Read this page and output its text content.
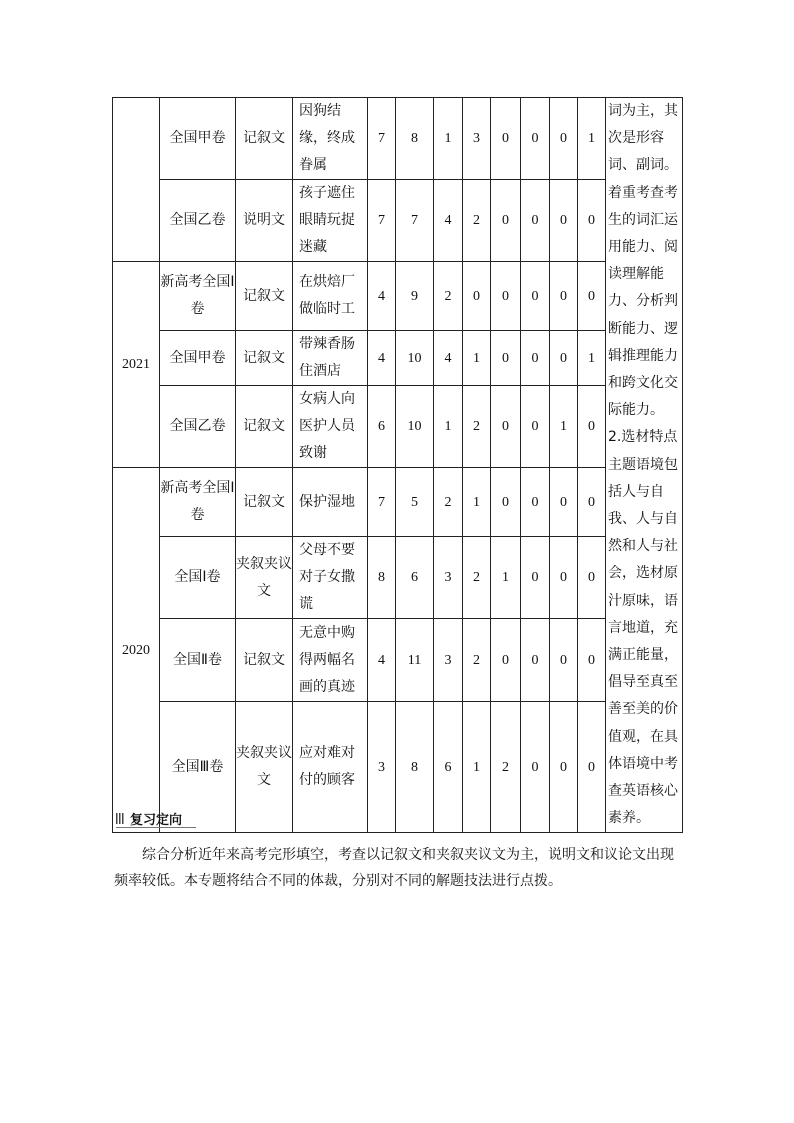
	全国甲卷	记叙文	因狗结缘，终成眷属	7	8	1	3	0	0	0	1	词为主，其次是形容词、副词。着重考查考生的词汇运用能力、阅读理解能力、分析判断能力、逻辑推理能力和跨文化交际能力。
2.选材特点
主题语境包括人与自我、人与自然和人与社会，选材原汁原味，语言地道，充满正能量，倡导至真至善至美的价值观，在具体语境中考查英语核心素养。
	全国乙卷	说明文	孩子遮住眼睛玩捉迷藏	7	7	4	2	0	0	0	0	
2021	新高考全国Ⅰ卷	记叙文	在烘焙厂做临时工	4	9	2	0	0	0	0	0	
	全国甲卷	记叙文	带辣香肠住酒店	4	10	4	1	0	0	0	1	
	全国乙卷	记叙文	女病人向医护人员致谢	6	10	1	2	0	0	1	0	
2020	新高考全国Ⅰ卷	记叙文	保护湿地	7	5	2	1	0	0	0	0	
	全国Ⅰ卷	夹叙夹议文	父母不要对子女撒谎	8	6	3	2	1	0	0	0	
	全国Ⅱ卷	记叙文	无意中购得两幅名画的真迹	4	11	3	2	0	0	0	0	
	全国Ⅲ卷	夹叙夹议文	应对难对付的顾客	3	8	6	1	2	0	0	0	
复习定向

综合分析近年来高考完形填空，考查以记叙文和夹叙夹议文为主，说明文和议论文出现频率较低。本专题将结合不同的体裁，分别对不同的解题技法进行点拨。
